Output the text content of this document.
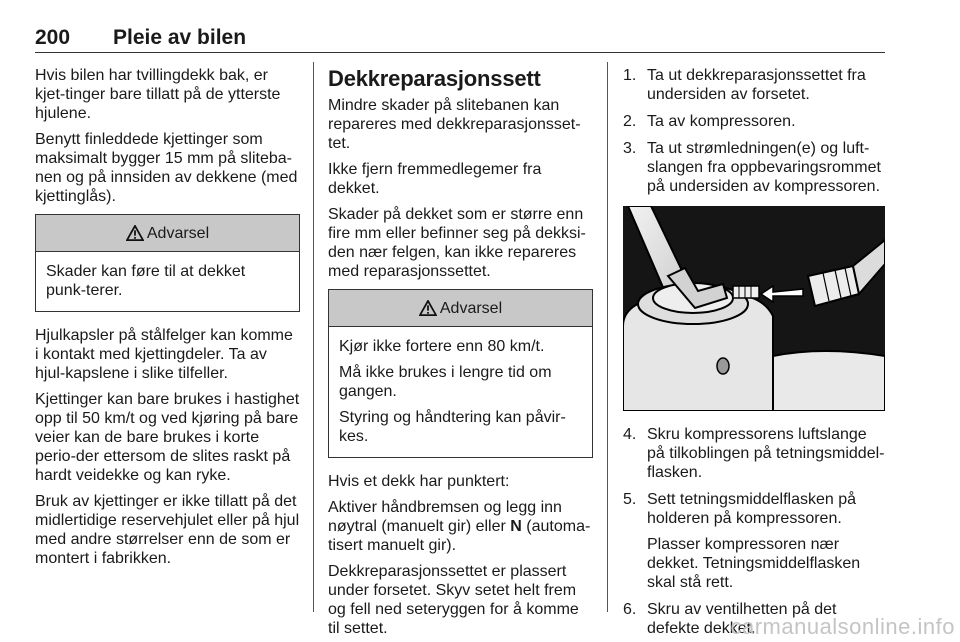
200 Pleie av bilen

Hvis bilen har tvillingdekk bak, er kjet-tinger bare tillatt på de ytterste hjulene.

Benytt finleddede kjettinger som maksimalt bygger 15 mm på sliteba-nen og på innsiden av dekkene (med kjettinglås).

Advarsel

Skader kan føre til at dekket punk-terer.

Hjulkapsler på stålfelger kan komme i kontakt med kjettingdeler. Ta av hjul-kapslene i slike tilfeller.

Kjettinger kan bare brukes i hastighet opp til 50 km/t og ved kjøring på bare veier kan de bare brukes i korte perio-der ettersom de slites raskt på hardt veidekke og kan ryke.

Bruk av kjettinger er ikke tillatt på det midlertidige reservehjulet eller på hjul med andre størrelser enn de som er montert i fabrikken.

Dekkreparasjonssett

Mindre skader på slitebanen kan repareres med dekkreparasjonsset-tet.

Ikke fjern fremmedlegemer fra dekket.

Skader på dekket som er større enn fire mm eller befinner seg på dekksi-den nær felgen, kan ikke repareres med reparasjonssettet.

Advarsel

Kjør ikke fortere enn 80 km/t.

Må ikke brukes i lengre tid om gangen.

Styring og håndtering kan påvir-kes.

Hvis et dekk har punktert:

Aktiver håndbremsen og legg inn nøytral (manuelt gir) eller N (automa-tisert manuelt gir).

Dekkreparasjonssettet er plassert under forsetet. Skyv setet helt frem og fell ned seteryggen for å komme til settet.

1. Ta ut dekkreparasjonssettet fra undersiden av forsetet.
2. Ta av kompressoren.
3. Ta ut strømledningen(e) og luft-slangen fra oppbevaringsrommet på undersiden av kompressoren.
4. Skru kompressorens luftslange på tilkoblingen på tetningsmiddel-flasken.
5. Sett tetningsmiddelflasken på holderen på kompressoren.

Plasser kompressoren nær dekket. Tetningsmiddelflasken skal stå rett.

6. Skru av ventilhetten på det defekte dekket.
carmanualsonline.info
